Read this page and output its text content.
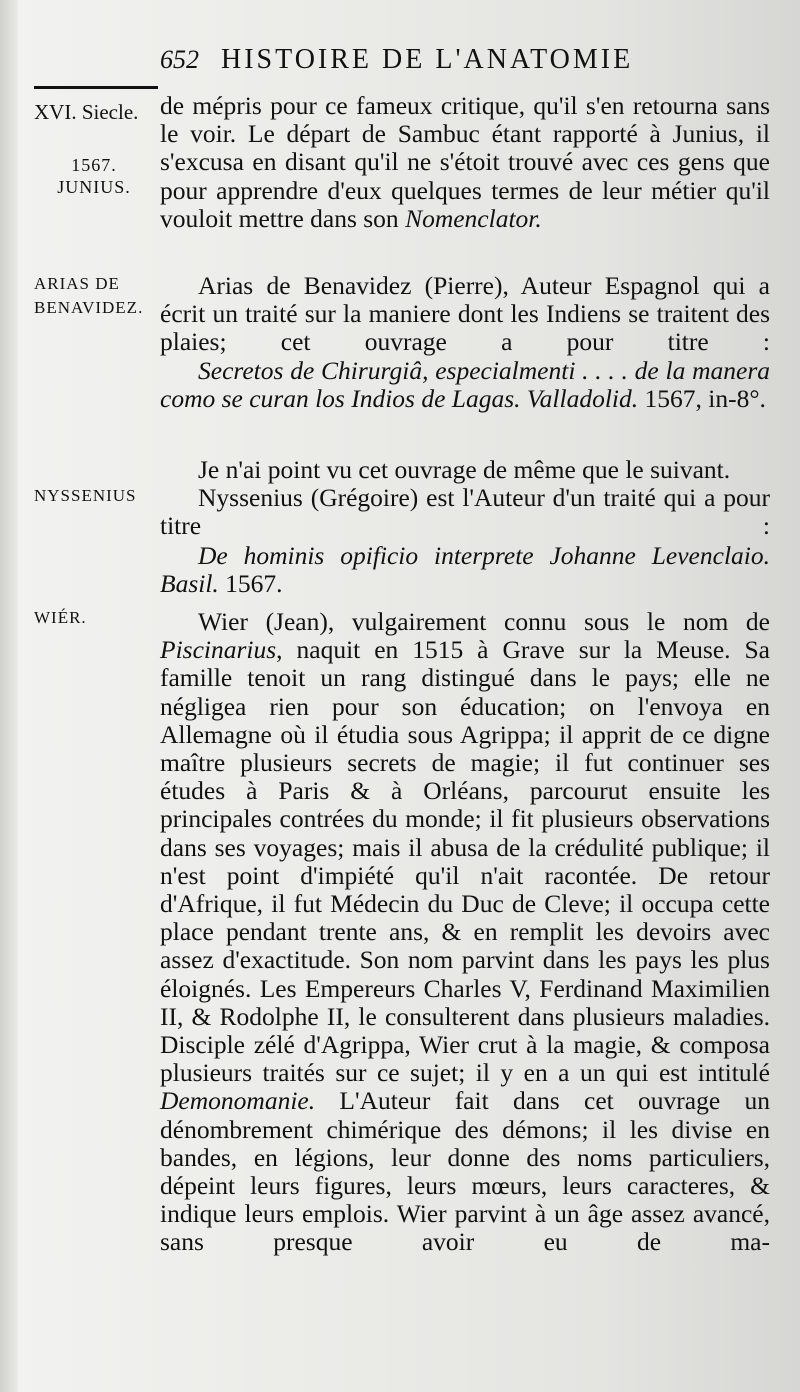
652 HISTOIRE DE L'ANATOMIE
XVI. Siecle.
1567.
JUNIUS.
ARIAS DE
BENAVIDEZ.
NYSSENIUS
WIÉR.

de mépris pour ce fameux critique, qu'il s'en retourna sans le voir. Le départ de Sambuc étant rapporté à Junius, il s'excusa en disant qu'il ne s'étoit trouvé avec ces gens que pour apprendre d'eux quelques termes de leur métier qu'il vouloit mettre dans son Nomenclator.

Arias de Benavidez (Pierre), Auteur Espagnol qui a écrit un traité sur la maniere dont les Indiens se traitent des plaies; cet ouvrage a pour titre :

Secretos de Chirurgiâ, especialmenti . . . . de la manera como se curan los Indios de Lagas. Valladolid. 1567, in-8°.

Je n'ai point vu cet ouvrage de même que le suivant.

Nyssenius (Grégoire) est l'Auteur d'un traité qui a pour titre :

De hominis opificio interprete Johanne Levenclaio. Basil. 1567.

Wier (Jean), vulgairement connu sous le nom de Piscinarius, naquit en 1515 à Grave sur la Meuse. Sa famille tenoit un rang distingué dans le pays; elle ne négligea rien pour son éducation; on l'envoya en Allemagne où il étudia sous Agrippa; il apprit de ce digne maître plusieurs secrets de magie; il fut continuer ses études à Paris & à Orléans, parcourut ensuite les principales contrées du monde; il fit plusieurs observations dans ses voyages; mais il abusa de la crédulité publique; il n'est point d'impiété qu'il n'ait racontée. De retour d'Afrique, il fut Médecin du Duc de Cleve; il occupa cette place pendant trente ans, & en remplit les devoirs avec assez d'exactitude. Son nom parvint dans les pays les plus éloignés. Les Empereurs Charles V, Ferdinand Maximilien II, & Rodolphe II, le consulterent dans plusieurs maladies. Disciple zélé d'Agrippa, Wier crut à la magie, & composa plusieurs traités sur ce sujet; il y en a un qui est intitulé Demonomanie. L'Auteur fait dans cet ouvrage un dénombrement chimérique des démons; il les divise en bandes, en légions, leur donne des noms particuliers, dépeint leurs figures, leurs mœurs, leurs caracteres, & indique leurs emplois. Wier parvint à un âge assez avancé, sans presque avoir eu de ma-
